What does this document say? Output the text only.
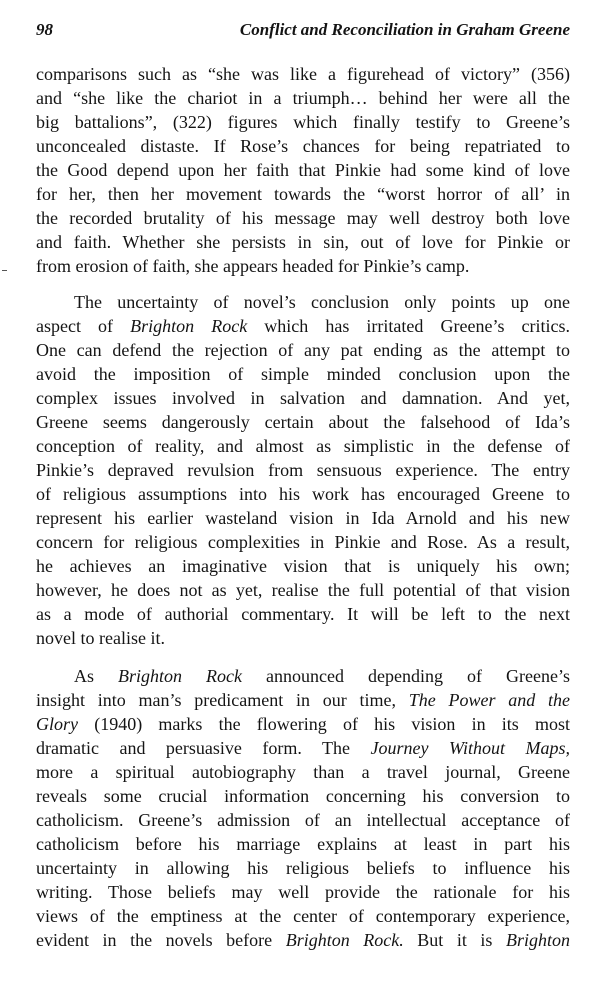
98	Conflict and Reconciliation in Graham Greene
comparisons such as “she was like a figurehead of victory” (356)
and “she like the chariot in a triumph… behind her were all the
big battalions”, (322) figures which finally testify to Greene’s
unconcealed distaste. If Rose’s chances for being repatriated to
the Good depend upon her faith that Pinkie had some kind of love
for her, then her movement towards the “worst horror of all’ in
the recorded brutality of his message may well destroy both love
and faith. Whether she persists in sin, out of love for Pinkie or
from erosion of faith, she appears headed for Pinkie’s camp.
The uncertainty of novel’s conclusion only points up one
aspect of Brighton Rock which has irritated Greene’s critics.
One can defend the rejection of any pat ending as the attempt to
avoid the imposition of simple minded conclusion upon the
complex issues involved in salvation and damnation. And yet,
Greene seems dangerously certain about the falsehood of Ida’s
conception of reality, and almost as simplistic in the defense of
Pinkie’s depraved revulsion from sensuous experience. The entry
of religious assumptions into his work has encouraged Greene to
represent his earlier wasteland vision in Ida Arnold and his new
concern for religious complexities in Pinkie and Rose. As a result,
he achieves an imaginative vision that is uniquely his own;
however, he does not as yet, realise the full potential of that vision
as a mode of authorial commentary. It will be left to the next
novel to realise it.
As Brighton Rock announced depending of Greene’s
insight into man’s predicament in our time, The Power and the
Glory (1940) marks the flowering of his vision in its most
dramatic and persuasive form. The Journey Without Maps,
more a spiritual autobiography than a travel journal, Greene
reveals some crucial information concerning his conversion to
catholicism. Greene’s admission of an intellectual acceptance of
catholicism before his marriage explains at least in part his
uncertainty in allowing his religious beliefs to influence his
writing. Those beliefs may well provide the rationale for his
views of the emptiness at the center of contemporary experience,
evident in the novels before Brighton Rock. But it is Brighton
